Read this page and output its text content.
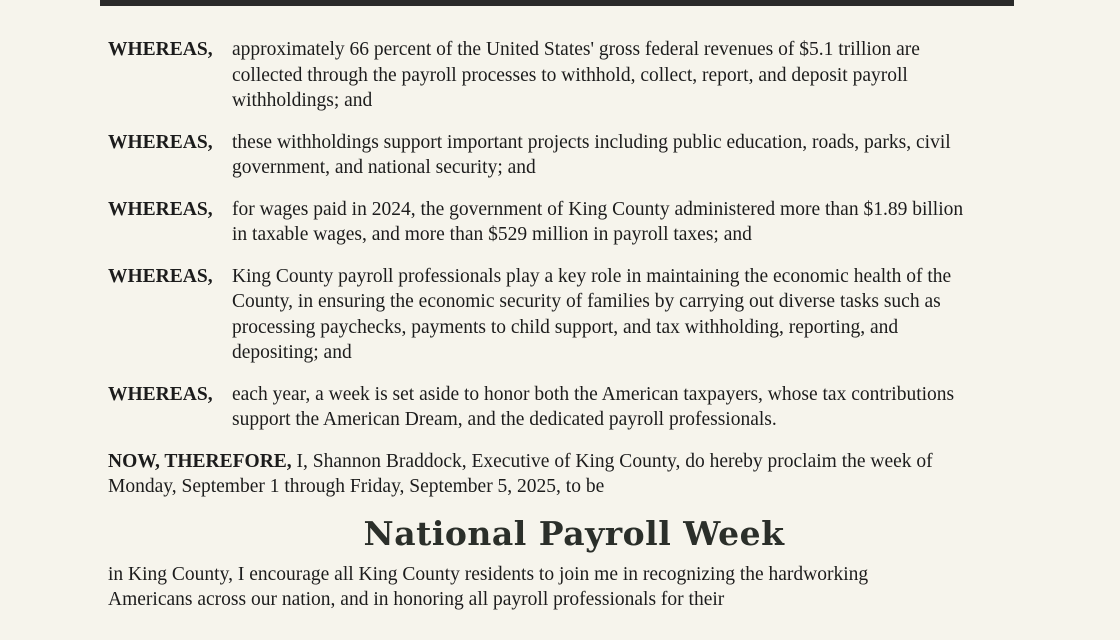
WHEREAS, approximately 66 percent of the United States' gross federal revenues of $5.1 trillion are collected through the payroll processes to withhold, collect, report, and deposit payroll withholdings; and
WHEREAS, these withholdings support important projects including public education, roads, parks, civil government, and national security; and
WHEREAS, for wages paid in 2024, the government of King County administered more than $1.89 billion in taxable wages, and more than $529 million in payroll taxes; and
WHEREAS, King County payroll professionals play a key role in maintaining the economic health of the County, in ensuring the economic security of families by carrying out diverse tasks such as processing paychecks, payments to child support, and tax withholding, reporting, and depositing; and
WHEREAS, each year, a week is set aside to honor both the American taxpayers, whose tax contributions support the American Dream, and the dedicated payroll professionals.
NOW, THEREFORE, I, Shannon Braddock, Executive of King County, do hereby proclaim the week of Monday, September 1 through Friday, September 5, 2025, to be
National Payroll Week
in King County, I encourage all King County residents to join me in recognizing the hardworking Americans across our nation, and in honoring all payroll professionals for their
